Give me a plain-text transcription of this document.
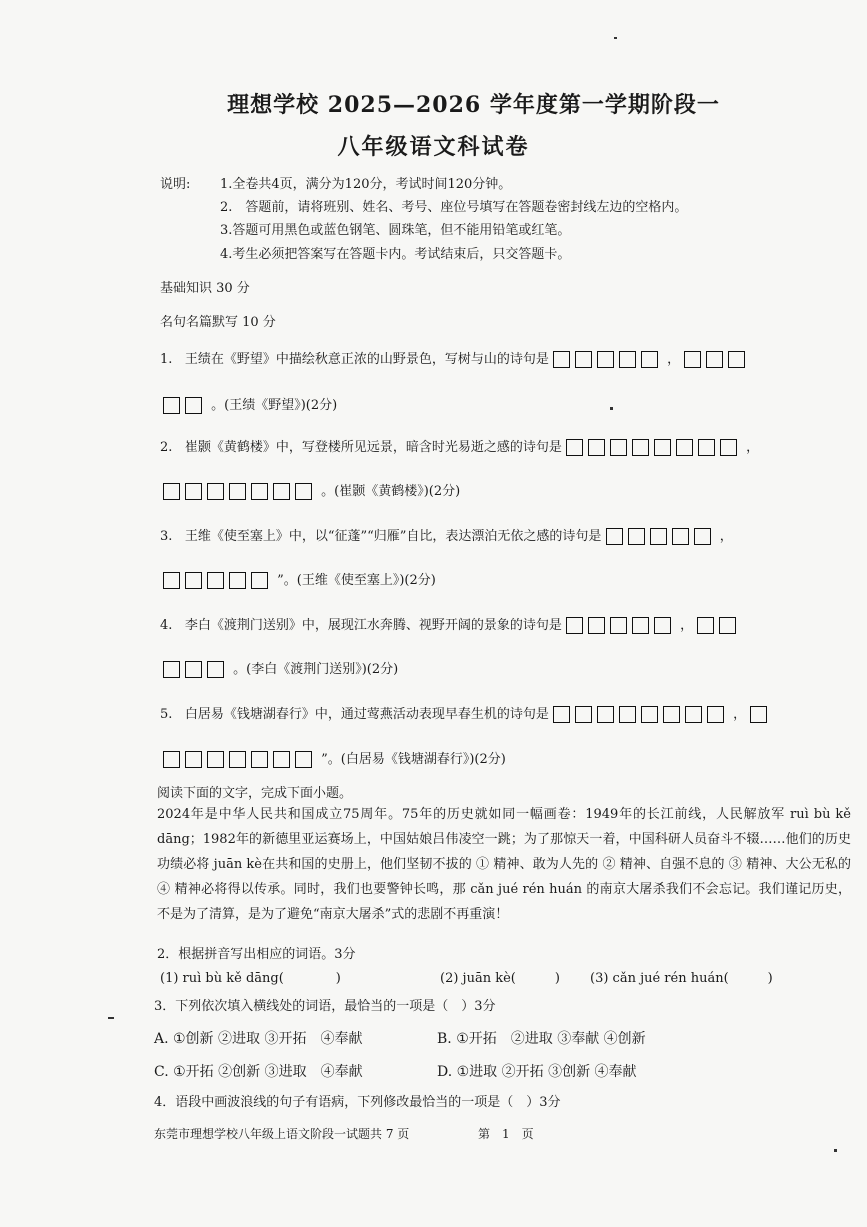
理想学校 2025—2026 学年度第一学期阶段一
八年级语文科试卷
说明: 1.全卷共4页，满分为120分，考试时间120分钟。
2.　答题前，请将班别、姓名、考号、座位号填写在答题卷密封线左边的空格内。
3.答题可用黑色或蓝色钢笔、圆珠笔，但不能用铅笔或红笔。
4.考生必须把答案写在答题卡内。考试结束后，只交答题卡。
基础知识 30 分
名句名篇默写 10 分
1. 王绩在《野望》中描绘秋意正浓的山野景色，写树与山的诗句是	，
。(王绩《野望》)(2分)
2. 崔颢《黄鹤楼》中，写登楼所见远景，暗含时光易逝之感的诗句是	，
。(崔颢《黄鹤楼》)(2分)
3. 王维《使至塞上》中，以“征蓬”“归雁”自比，表达漂泊无依之感的诗句是	，
”。(王维《使至塞上》)(2分)
4. 李白《渡荆门送别》中，展现江水奔腾、视野开阔的景象的诗句是	，
。(李白《渡荆门送别》)(2分)
5. 白居易《钱塘湖春行》中，通过莺燕活动表现早春生机的诗句是	，
”。(白居易《钱塘湖春行》)(2分)
阅读下面的文字，完成下面小题。
2024年是中华人民共和国成立75周年。75年的历史就如同一幅画卷：1949年的长江前线，人民解放军 ruì bù kě dāng；1982年的新德里亚运赛场上，中国姑娘吕伟凌空一跳；为了那惊天一着，中国科研人员奋斗不辍……他们的历史功绩必将 juān kè在共和国的史册上，他们坚韧不拔的 ① 精神、敢为人先的 ② 精神、自强不息的 ③ 精神、大公无私的 ④ 精神必将得以传承。同时，我们也要警钟长鸣，那 cǎn jué rén huán 的南京大屠杀我们不会忘记。我们谨记历史，不是为了清算，是为了避免“南京大屠杀”式的悲剧不再重演！
2．根据拼音写出相应的词语。3分
(1) ruì bù kě dāng(　　　　)	(2) juān kè(　　　) (3) cǎn jué rén huán(　　　)
3．下列依次填入横线处的词语，最恰当的一项是（　）3分
A. ①创新 ②进取 ③开拓　④奉献	B. ①开拓　②进取 ③奉献 ④创新
C. ①开拓 ②创新 ③进取　④奉献	D. ①进取 ②开拓 ③创新 ④奉献
4．语段中画波浪线的句子有语病，下列修改最恰当的一项是（　）3分
东莞市理想学校八年级上语文阶段一试题共 7 页	第　1　页
